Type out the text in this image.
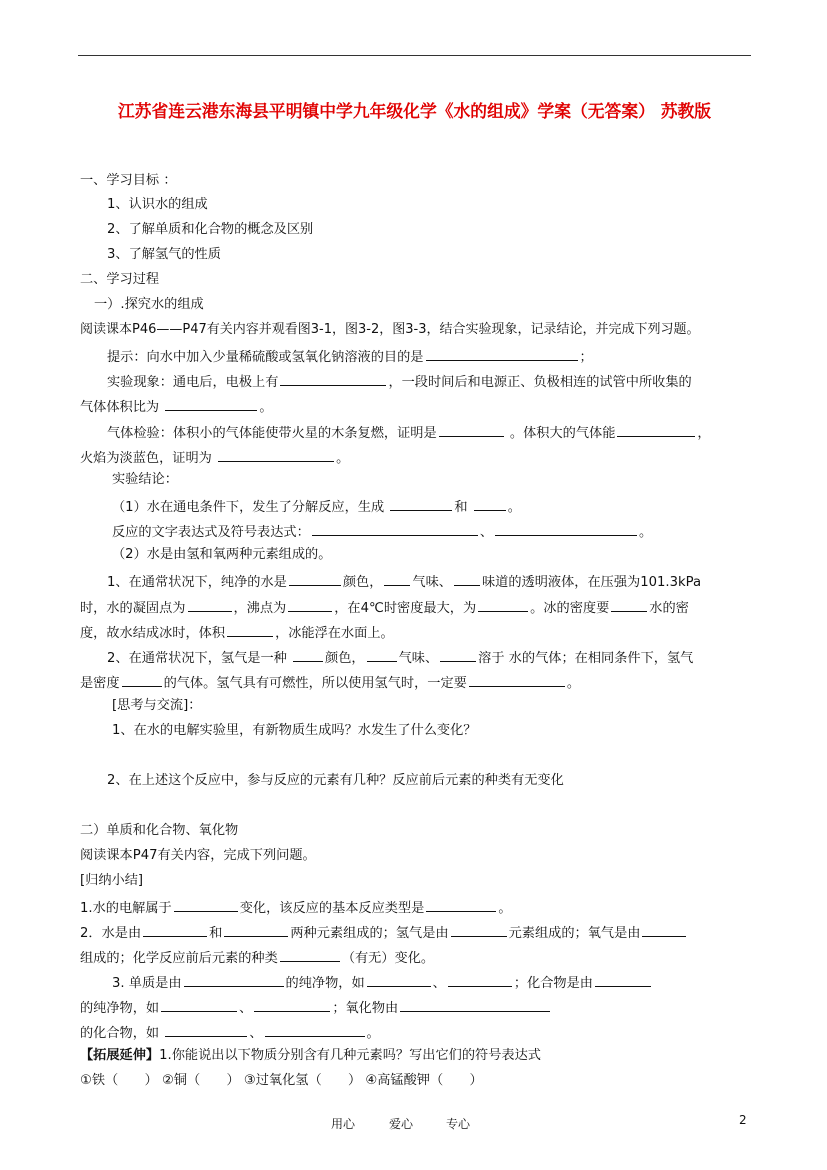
江苏省连云港东海县平明镇中学九年级化学《水的组成》学案（无答案） 苏教版
一、学习目标 ：
1、认识水的组成
2、了解单质和化合物的概念及区别
3、了解氢气的性质
二、学习过程
一）.探究水的组成
阅读课本P46——P47有关内容并观看图3-1，图3-2，图3-3，结合实验现象，记录结论，并完成下列习题。
提示：向水中加入少量稀硫酸或氢氧化钠溶液的目的是	；
实验现象：通电后，电极上有	，一段时间后和电源正、负极相连的试管中所收集的
气体体积比为	。
气体检验：体积小的气体能使带火星的木条复燃，证明是	。体积大的气体能	，
火焰为淡蓝色，证明为	。
实验结论：
（1）水在通电条件下，发生了分解反应，生成	和	。
反应的文字表达式及符号表达式：	、	。
（2）水是由氢和氧两种元素组成的。
1、在通常状况下，纯净的水是	颜色， 气味、 味道的透明液体，在压强为101.3kPa
时，水的凝固点为	，沸点为	，在4℃时密度最大，为	。冰的密度要	水的密
度，故水结成冰时，体积	，冰能浮在水面上。
2、在通常状况下，氢气是一种	颜色，	气味、	溶于 水的气体；在相同条件下，氢气
是密度	的气体。氢气具有可燃性，所以使用氢气时，一定要	。
[思考与交流]：
1、在水的电解实验里，有新物质生成吗？水发生了什么变化？
2、在上述这个反应中，参与反应的元素有几种？反应前后元素的种类有无变化
二）单质和化合物、氧化物
阅读课本P47有关内容，完成下列问题。
[归纳小结]
1.水的电解属于	变化，该反应的基本反应类型是	。
2．水是由	和	两种元素组成的；氢气是由	元素组成的；氧气是由
组成的；化学反应前后元素的种类	（有无）变化。
3. 单质是由	的纯净物，如	、	；化合物是由
的纯净物，如	、	；氧化物由
的化合物，如	、	。
【拓展延伸】1.你能说出以下物质分别含有几种元素吗？写出它们的符号表达式
①铁（　　） ②铜（　　） ③过氧化氢（　　） ④高锰酸钾（　　）
用心	爱心	专心	2
